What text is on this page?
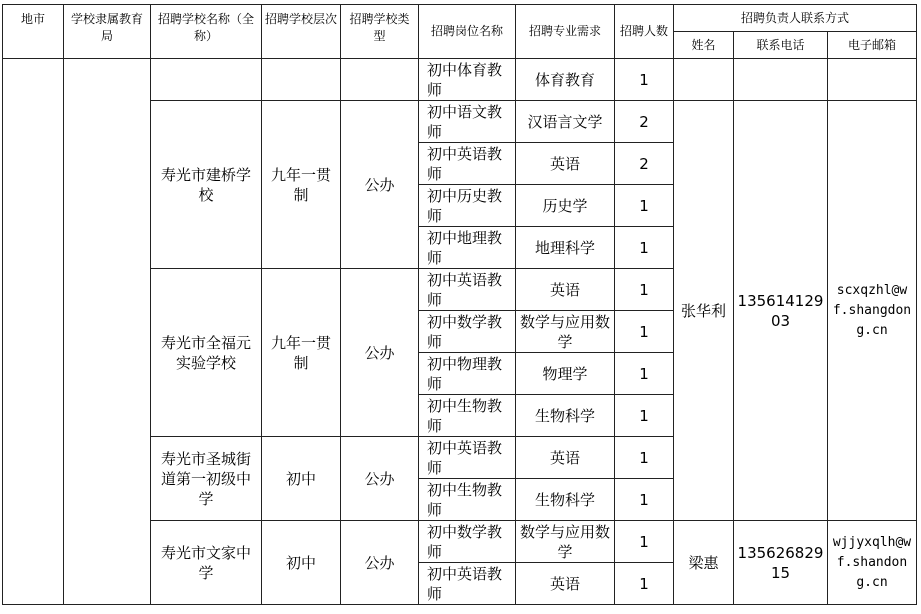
地市	学校隶属教育局	招聘学校名称（全称）	招聘学校层次	招聘学校类型	招聘岗位名称	招聘专业需求	招聘人数	招聘负责人联系方式		
								姓名	联系电话	电子邮箱
					初中体育教师	体育教育	1			
		寿光市建桥学校	九年一贯制	公办	初中语文教师	汉语言文学	2	张华利	13561412903	scxqzhl@wf.shangdong.cn
					初中英语教师	英语	2			
					初中历史教师	历史学	1			
					初中地理教师	地理科学	1			
		寿光市全福元实验学校	九年一贯制	公办	初中英语教师	英语	1			
					初中数学教师	数学与应用数学	1			
					初中物理教师	物理学	1			
					初中生物教师	生物科学	1			
		寿光市圣城街道第一初级中学	初中	公办	初中英语教师	英语	1			
					初中生物教师	生物科学	1			
		寿光市文家中学	初中	公办	初中数学教师	数学与应用数学	1	梁惠	13562682915	wjjyxqlh@wf.shandong.cn
					初中英语教师	英语	1			
